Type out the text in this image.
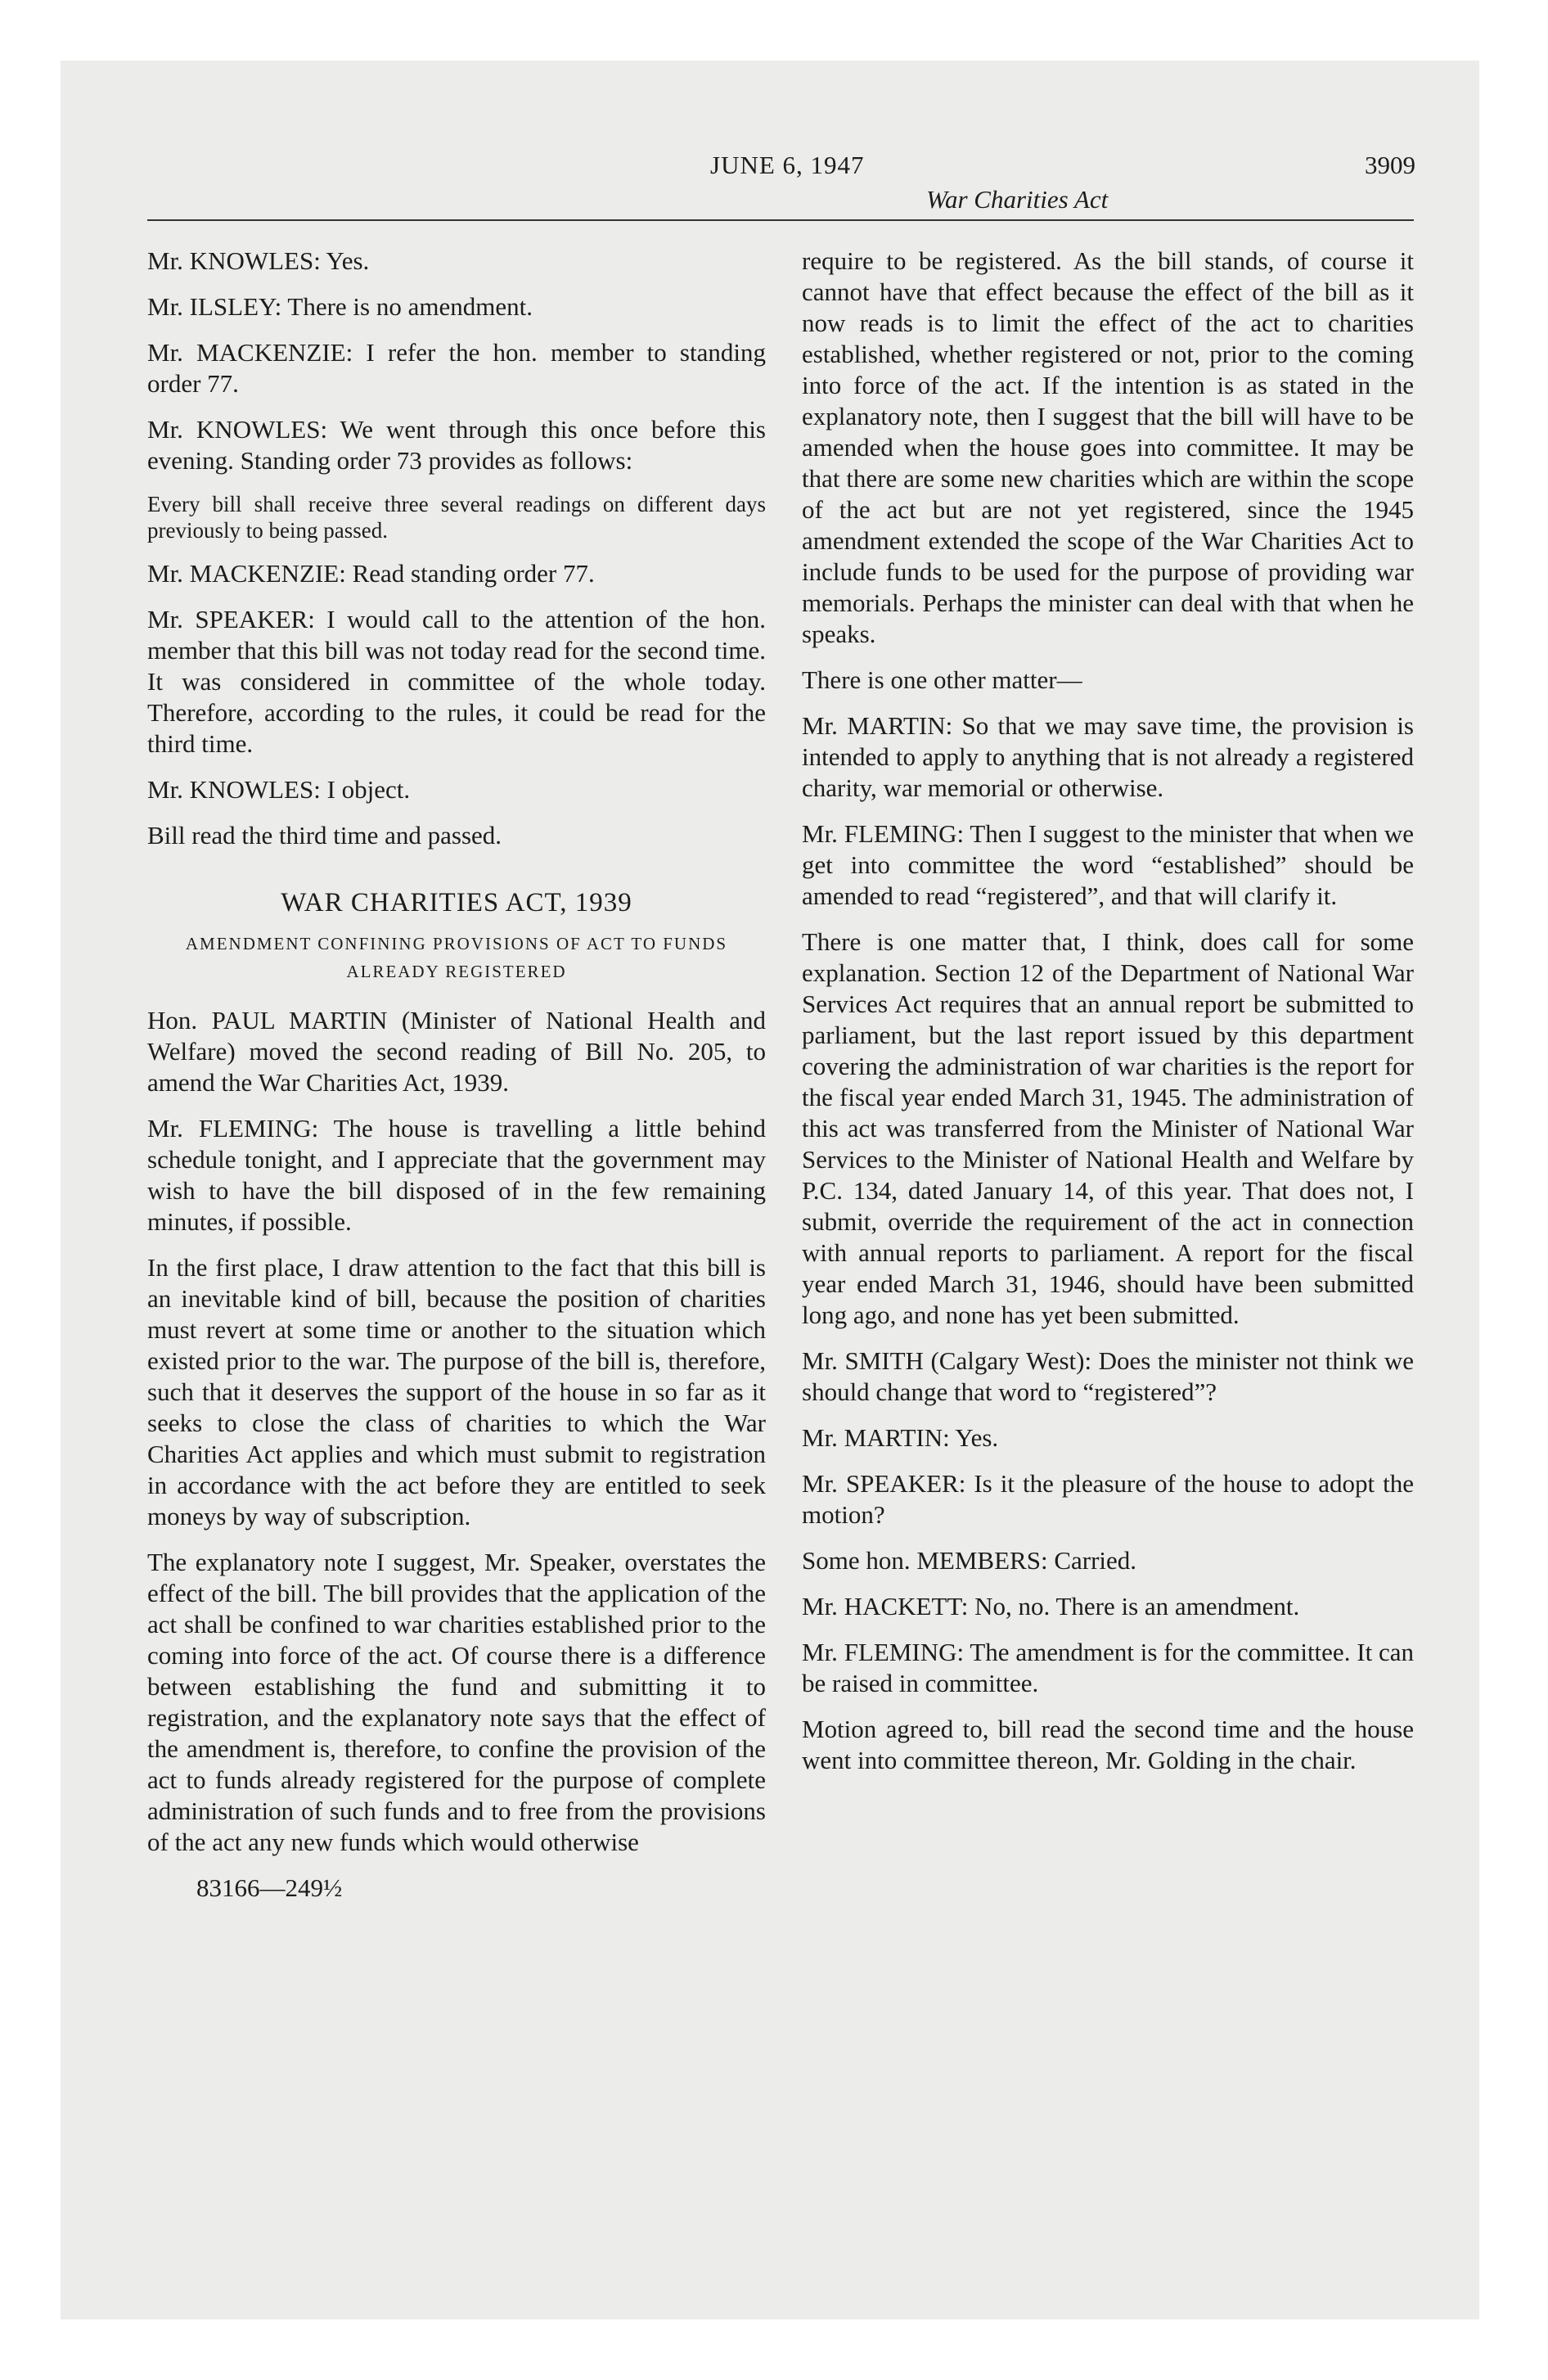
JUNE 6, 1947
War Charities Act
3909

Mr. KNOWLES: Yes.

Mr. ILSLEY: There is no amendment.

Mr. MACKENZIE: I refer the hon. member to standing order 77.

Mr. KNOWLES: We went through this once before this evening. Standing order 73 provides as follows:

Every bill shall receive three several readings on different days previously to being passed.

Mr. MACKENZIE: Read standing order 77.

Mr. SPEAKER: I would call to the attention of the hon. member that this bill was not today read for the second time. It was considered in committee of the whole today. Therefore, according to the rules, it could be read for the third time.

Mr. KNOWLES: I object.

Bill read the third time and passed.

WAR CHARITIES ACT, 1939
AMENDMENT CONFINING PROVISIONS OF ACT TO FUNDS ALREADY REGISTERED

Hon. PAUL MARTIN (Minister of National Health and Welfare) moved the second reading of Bill No. 205, to amend the War Charities Act, 1939.

Mr. FLEMING: The house is travelling a little behind schedule tonight, and I appreciate that the government may wish to have the bill disposed of in the few remaining minutes, if possible.

In the first place, I draw attention to the fact that this bill is an inevitable kind of bill, because the position of charities must revert at some time or another to the situation which existed prior to the war. The purpose of the bill is, therefore, such that it deserves the support of the house in so far as it seeks to close the class of charities to which the War Charities Act applies and which must submit to registration in accordance with the act before they are entitled to seek moneys by way of subscription.

The explanatory note I suggest, Mr. Speaker, overstates the effect of the bill. The bill provides that the application of the act shall be confined to war charities established prior to the coming into force of the act. Of course there is a difference between establishing the fund and submitting it to registration, and the explanatory note says that the effect of the amendment is, therefore, to confine the provision of the act to funds already registered for the purpose of complete administration of such funds and to free from the provisions of the act any new funds which would otherwise

83166—249½

require to be registered. As the bill stands, of course it cannot have that effect because the effect of the bill as it now reads is to limit the effect of the act to charities established, whether registered or not, prior to the coming into force of the act. If the intention is as stated in the explanatory note, then I suggest that the bill will have to be amended when the house goes into committee. It may be that there are some new charities which are within the scope of the act but are not yet registered, since the 1945 amendment extended the scope of the War Charities Act to include funds to be used for the purpose of providing war memorials. Perhaps the minister can deal with that when he speaks.

There is one other matter—

Mr. MARTIN: So that we may save time, the provision is intended to apply to anything that is not already a registered charity, war memorial or otherwise.

Mr. FLEMING: Then I suggest to the minister that when we get into committee the word “established” should be amended to read “registered”, and that will clarify it.

There is one matter that, I think, does call for some explanation. Section 12 of the Department of National War Services Act requires that an annual report be submitted to parliament, but the last report issued by this department covering the administration of war charities is the report for the fiscal year ended March 31, 1945. The administration of this act was transferred from the Minister of National War Services to the Minister of National Health and Welfare by P.C. 134, dated January 14, of this year. That does not, I submit, override the requirement of the act in connection with annual reports to parliament. A report for the fiscal year ended March 31, 1946, should have been submitted long ago, and none has yet been submitted.

Mr. SMITH (Calgary West): Does the minister not think we should change that word to “registered”?

Mr. MARTIN: Yes.

Mr. SPEAKER: Is it the pleasure of the house to adopt the motion?

Some hon. MEMBERS: Carried.

Mr. HACKETT: No, no. There is an amendment.

Mr. FLEMING: The amendment is for the committee. It can be raised in committee.

Motion agreed to, bill read the second time and the house went into committee thereon, Mr. Golding in the chair.
